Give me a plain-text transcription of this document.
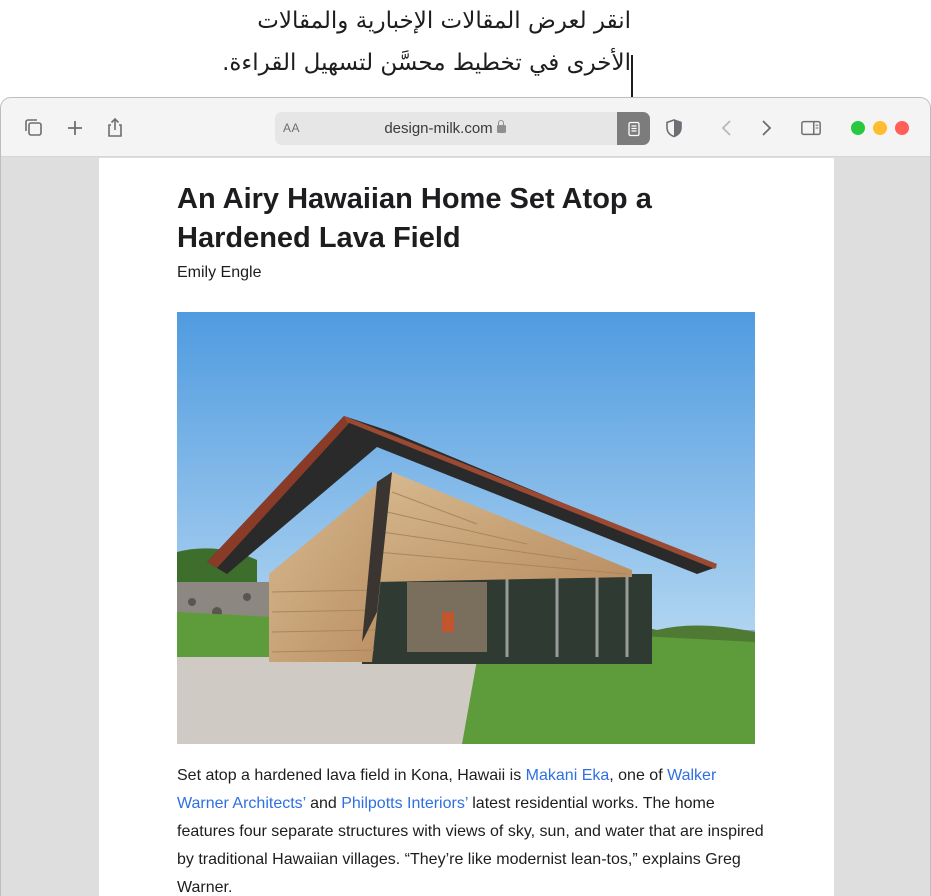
انقر لعرض المقالات الإخبارية والمقالات
الأخرى في تخطيط محسَّن لتسهيل القراءة.
AA	design-milk.com
An Airy Hawaiian Home Set Atop a Hardened Lava Field
Emily Engle
Set atop a hardened lava field in Kona, Hawaii is Makani Eka, one of Walker Warner Architects’ and Philpotts Interiors’ latest residential works. The home features four separate structures with views of sky, sun, and water that are inspired by traditional Hawaiian villages. “They’re like modernist lean-tos,” explains Greg Warner.
